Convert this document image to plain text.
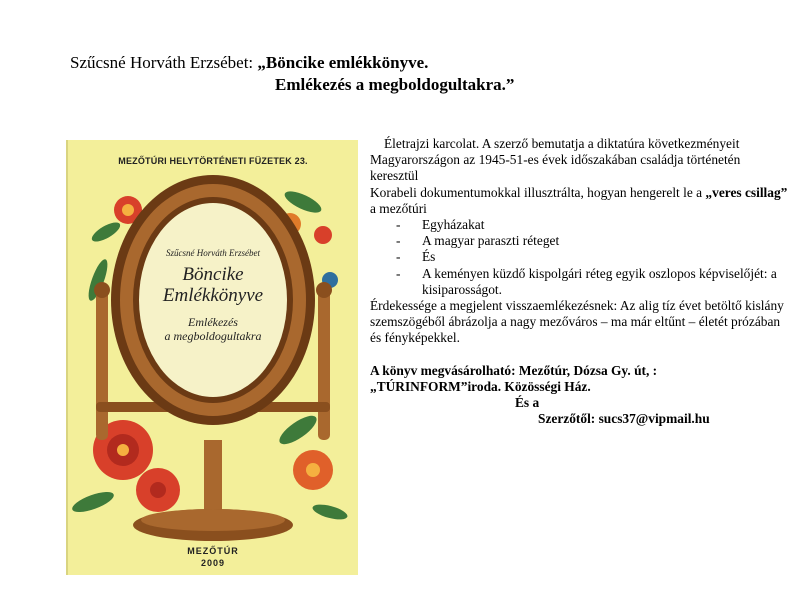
Szűcsné Horváth Erzsébet: „Böncike emlékkönyve.
Emlékezés a megboldogultakra.”
MEZŐTÚRI HELYTÖRTÉNETI FÜZETEK 23.
Szűcsné Horváth Erzsébet
Böncike
Emlékkönyve
Emlékezés
a megboldogultakra
MEZŐTÚR
2009

Életrajzi karcolat. A szerző bemutatja a diktatúra következményeit Magyarországon az 1945-51-es évek időszakában családja történetén keresztül

Korabeli dokumentumokkal illusztrálta, hogyan hengerelt le a „veres csillag” a mezőtúri

- Egyházakat
- A magyar paraszti réteget
- És
- A keményen küzdő kispolgári réteg egyik oszlopos képviselőjét: a kisiparosságot.

Érdekessége a megjelent visszaemlékezésnek: Az alig tíz évet betöltő kislány szemszögéből ábrázolja a nagy mezőváros – ma már eltűnt – életét prózában és fényképekkel.

A könyv megvásárolható: Mezőtúr, Dózsa Gy. út, :

„TÚRINFORM”iroda. Közösségi Ház.

És a

Szerzőtől: sucs37@vipmail.hu
